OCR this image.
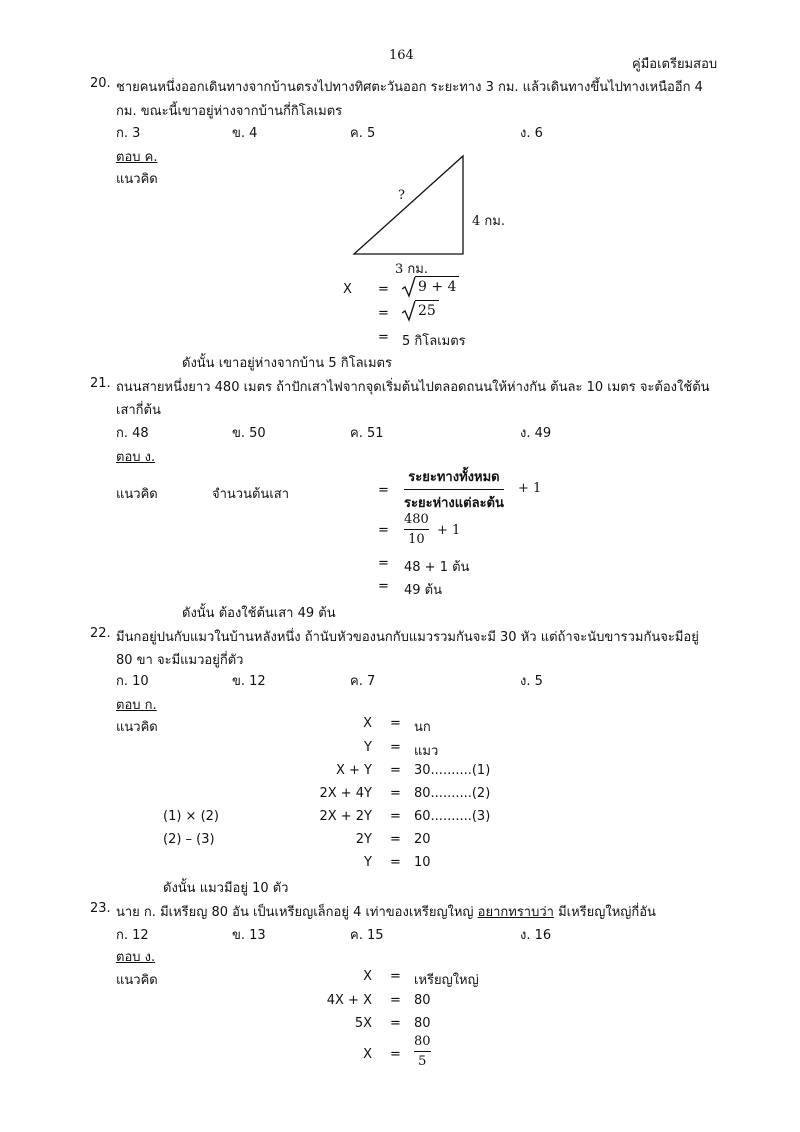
164
คู่มือเตรียมสอบ
20. ชายคนหนึ่งออกเดินทางจากบ้านตรงไปทางทิศตะวันออก ระยะทาง 3 กม. แล้วเดินทางขึ้นไปทางเหนืออีก 4
กม. ขณะนี้เขาอยู่ห่างจากบ้านกี่กิโลเมตร
ก. 3	ข. 4	ค. 5	ง. 6
ตอบ ค.
แนวคิด
?
4 กม.
3 กม.
X = 9 + 4
= 25
= 5 กิโลเมตร
ดังนั้น เขาอยู่ห่างจากบ้าน 5 กิโลเมตร
21. ถนนสายหนึ่งยาว 480 เมตร ถ้าปักเสาไฟจากจุดเริ่มต้นไปตลอดถนนให้ห่างกัน ต้นละ 10 เมตร จะต้องใช้ต้น
เสากี่ต้น
ก. 48	ข. 50	ค. 51	ง. 49
ตอบ ง.
แนวคิด	จำนวนต้นเสา	=
ระยะทางทั้งหมด
ระยะห่างแต่ละต้น
+ 1
=
480
10
+ 1
= 48 + 1 ต้น
= 49 ต้น
ดังนั้น ต้องใช้ต้นเสา 49 ต้น
22. มีนกอยู่ปนกับแมวในบ้านหลังหนึ่ง ถ้านับหัวของนกกับแมวรวมกันจะมี 30 หัว แต่ถ้าจะนับขารวมกันจะมีอยู่
80 ขา จะมีแมวอยู่กี่ตัว
ก. 10	ข. 12	ค. 7	ง. 5
ตอบ ก.
แนวคิด	X = นก
Y = แมว
X + Y = 30..........(1)
2X + 4Y = 80..........(2)
(1) × (2)	2X + 2Y = 60..........(3)
(2) – (3)	2Y = 20
Y = 10
ดังนั้น แมวมีอยู่ 10 ตัว
23. นาย ก. มีเหรียญ 80 อัน เป็นเหรียญเล็กอยู่ 4 เท่าของเหรียญใหญ่ อยากทราบว่า มีเหรียญใหญ่กี่อัน
ก. 12	ข. 13	ค. 15	ง. 16
ตอบ ง.
แนวคิด	X = เหรียญใหญ่
4X + X = 80
5X = 80
X =
80
5
